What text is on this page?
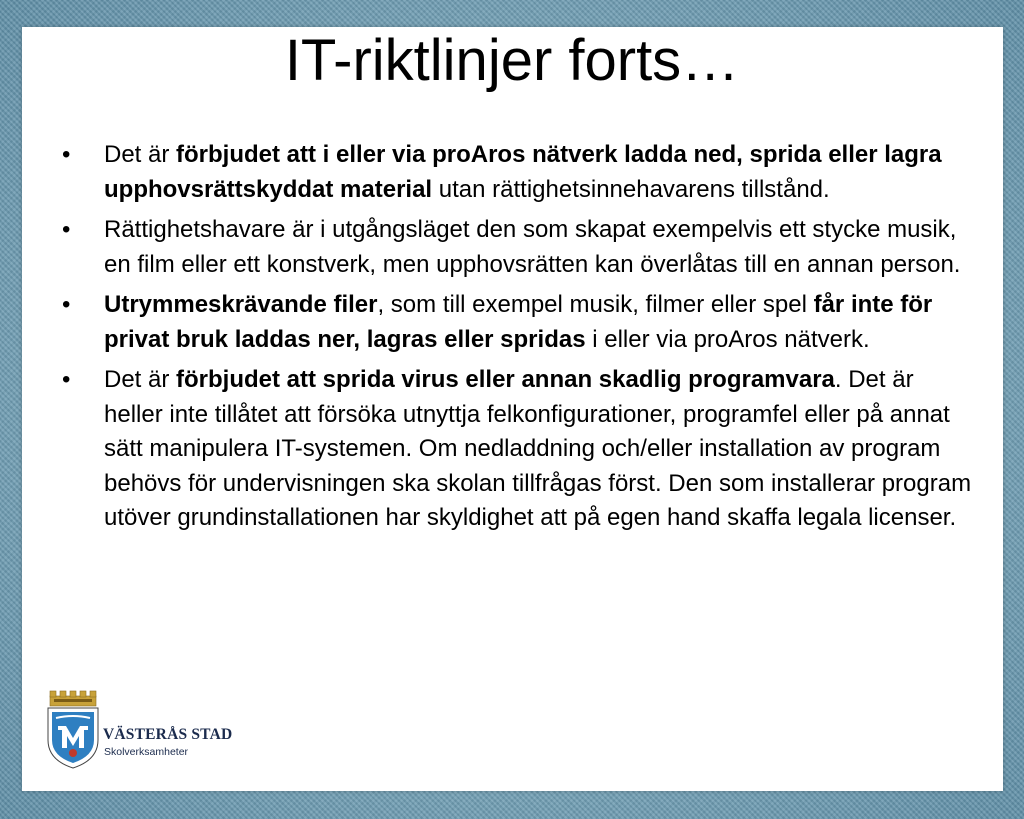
IT-riktlinjer forts…
• Det är förbjudet att i eller via proAros nätverk ladda ned, sprida eller lagra upphovsrättskyddat material utan rättighetsinnehavarens tillstånd.
• Rättighetshavare är i utgångsläget den som skapat exempelvis ett stycke musik, en film eller ett konstverk, men upphovsrätten kan överlåtas till en annan person.
• Utrymmeskrävande filer, som till exempel musik, filmer eller spel får inte för privat bruk laddas ner, lagras eller spridas i eller via proAros nätverk.
• Det är förbjudet att sprida virus eller annan skadlig programvara. Det är heller inte tillåtet att försöka utnyttja felkonfigurationer, programfel eller på annat sätt manipulera IT-systemen. Om nedladdning och/eller installation av program behövs för undervisningen ska skolan tillfrågas först. Den som installerar program utöver grundinstallationen har skyldighet att på egen hand skaffa legala licenser.
VÄSTERÅS STAD
Skolverksamheter
